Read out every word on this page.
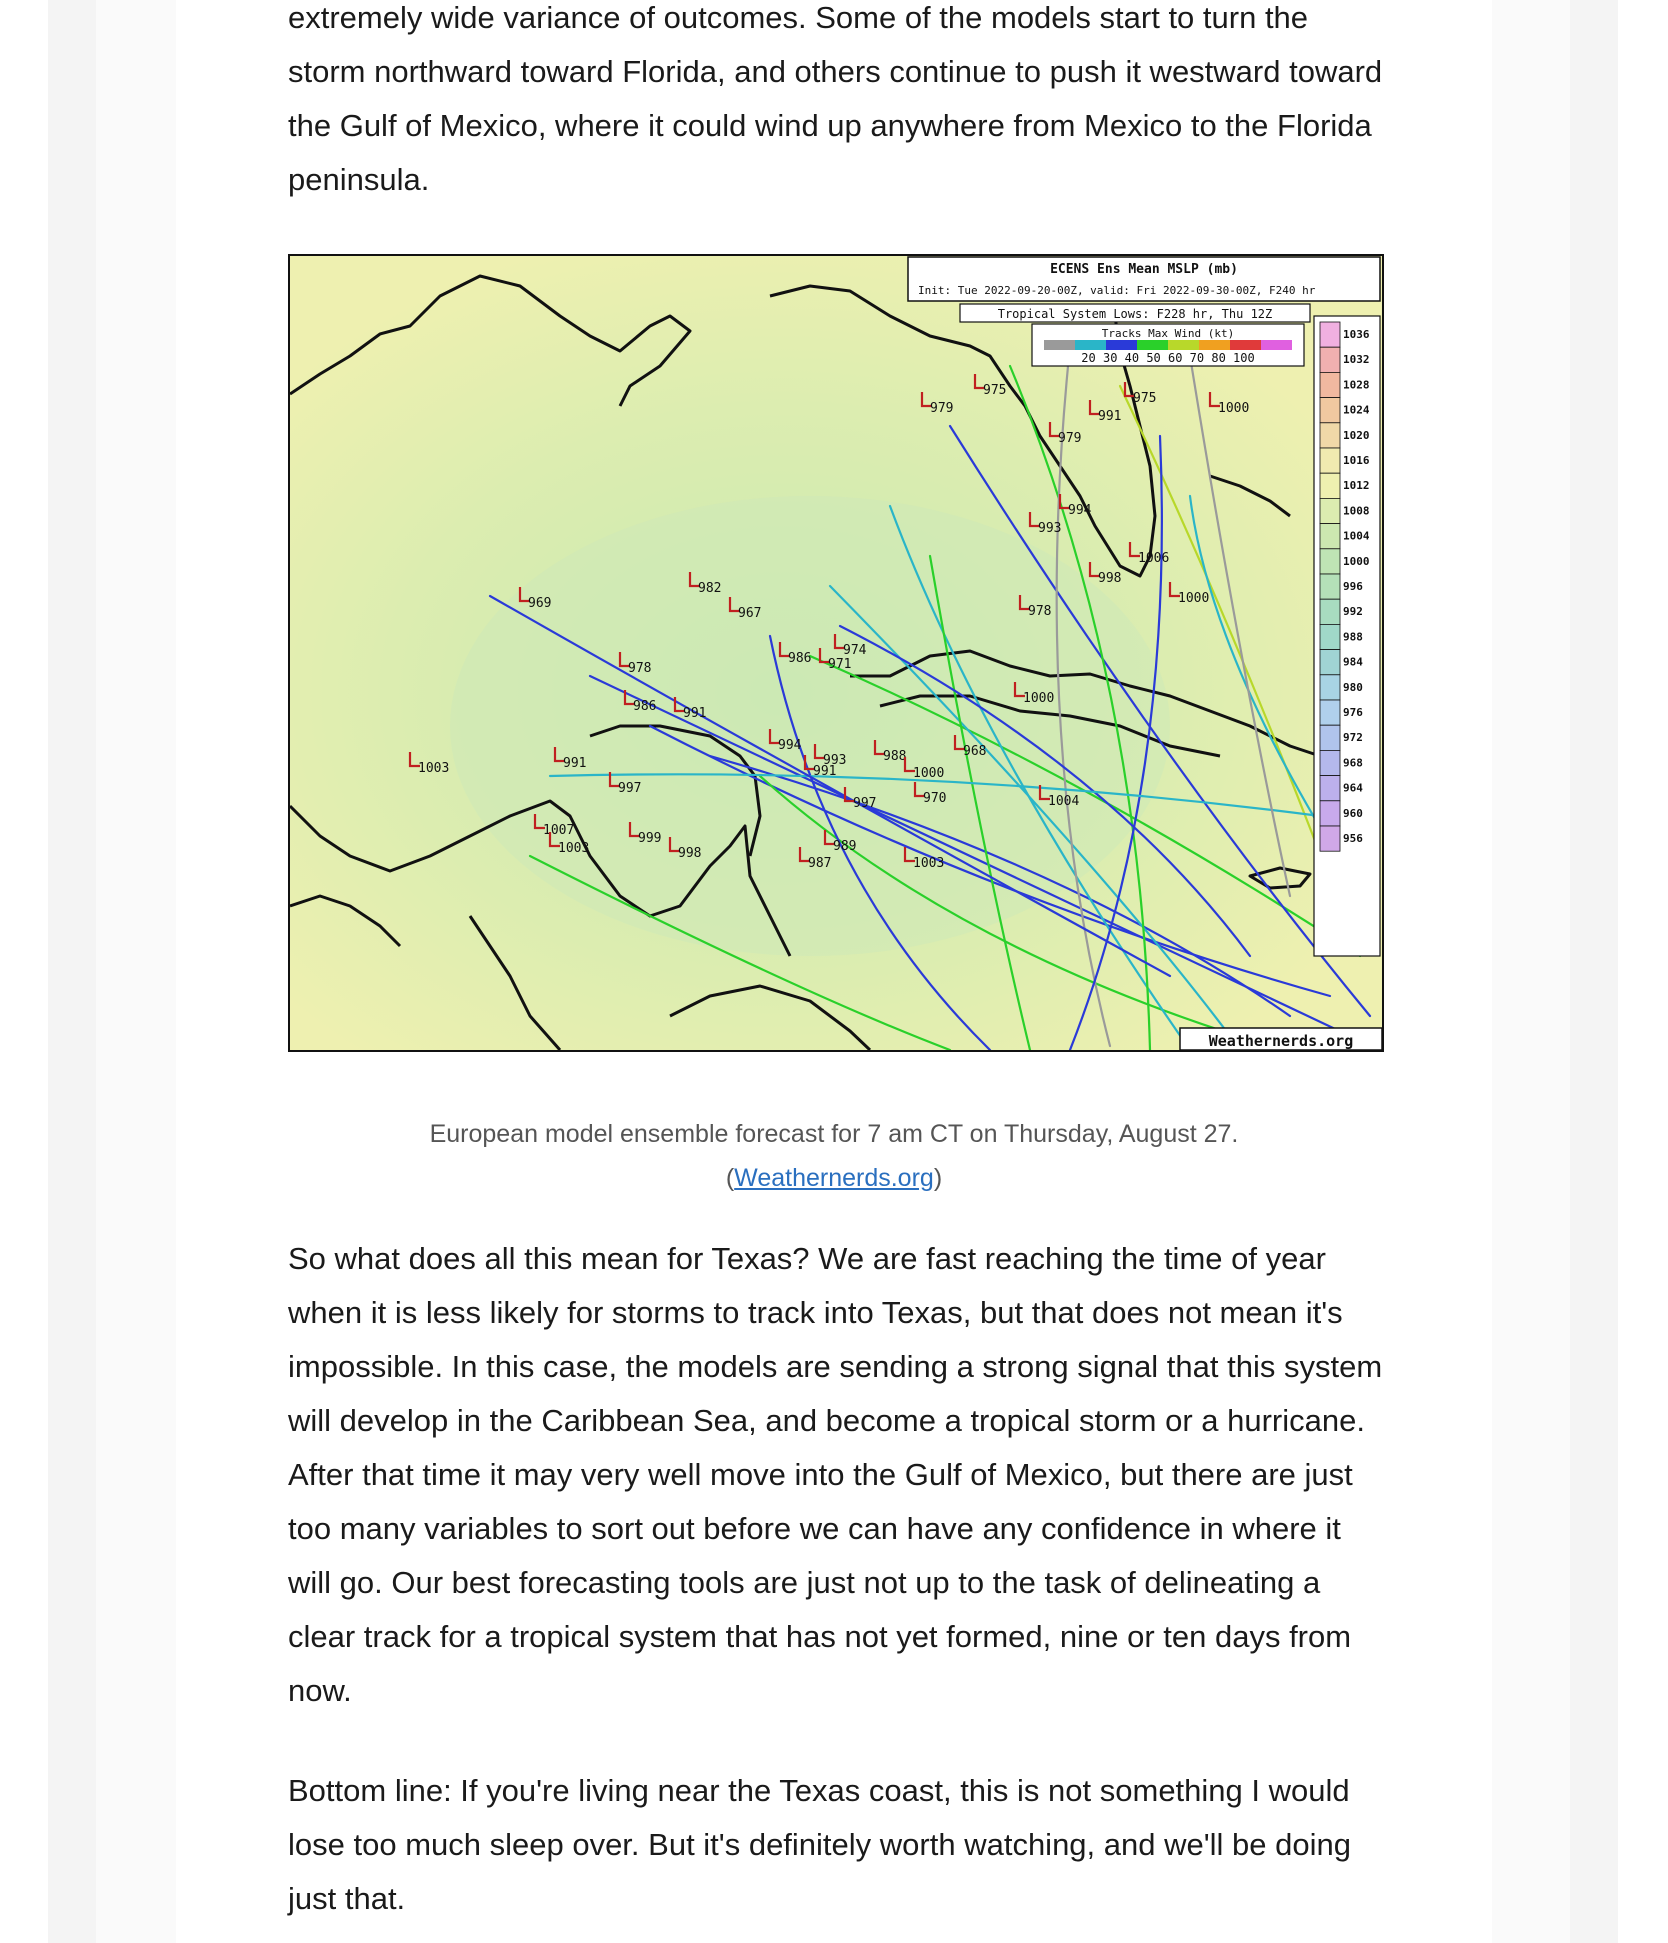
extremely wide variance of outcomes. Some of the models start to turn the storm northward toward Florida, and others continue to push it westward toward the Gulf of Mexico, where it could wind up anywhere from Mexico to the Florida peninsula.

969
982
967
978
986 991
1003	991
997
1007
1003
999
998
986
974
971
994
993
991
988
1000
997	970
989
987	1003
968
979
975
979
991
975
1000
994
993
1006
998
978
1000
1004
1000
ECENS Ens Mean MSLP (mb)
Init: Tue 2022-09-20-00Z, valid: Fri 2022-09-30-00Z, F240 hr
Tropical System Lows: F228 hr, Thu 12Z
Tracks Max Wind (kt)
20 30 40 50 60 70 80 100
1036
1032
1028
1024
1020
1016
1012
1008
1004
1000
996
992
988
984
980
976
972
968
964
960
956
Weathernerds.org
European model ensemble forecast for 7 am CT on Thursday, August 27.
(Weathernerds.org)

So what does all this mean for Texas? We are fast reaching the time of year when it is less likely for storms to track into Texas, but that does not mean it's impossible. In this case, the models are sending a strong signal that this system will develop in the Caribbean Sea, and become a tropical storm or a hurricane. After that time it may very well move into the Gulf of Mexico, but there are just too many variables to sort out before we can have any confidence in where it will go. Our best forecasting tools are just not up to the task of delineating a clear track for a tropical system that has not yet formed, nine or ten days from now.

Bottom line: If you're living near the Texas coast, this is not something I would lose too much sleep over. But it's definitely worth watching, and we'll be doing just that.
